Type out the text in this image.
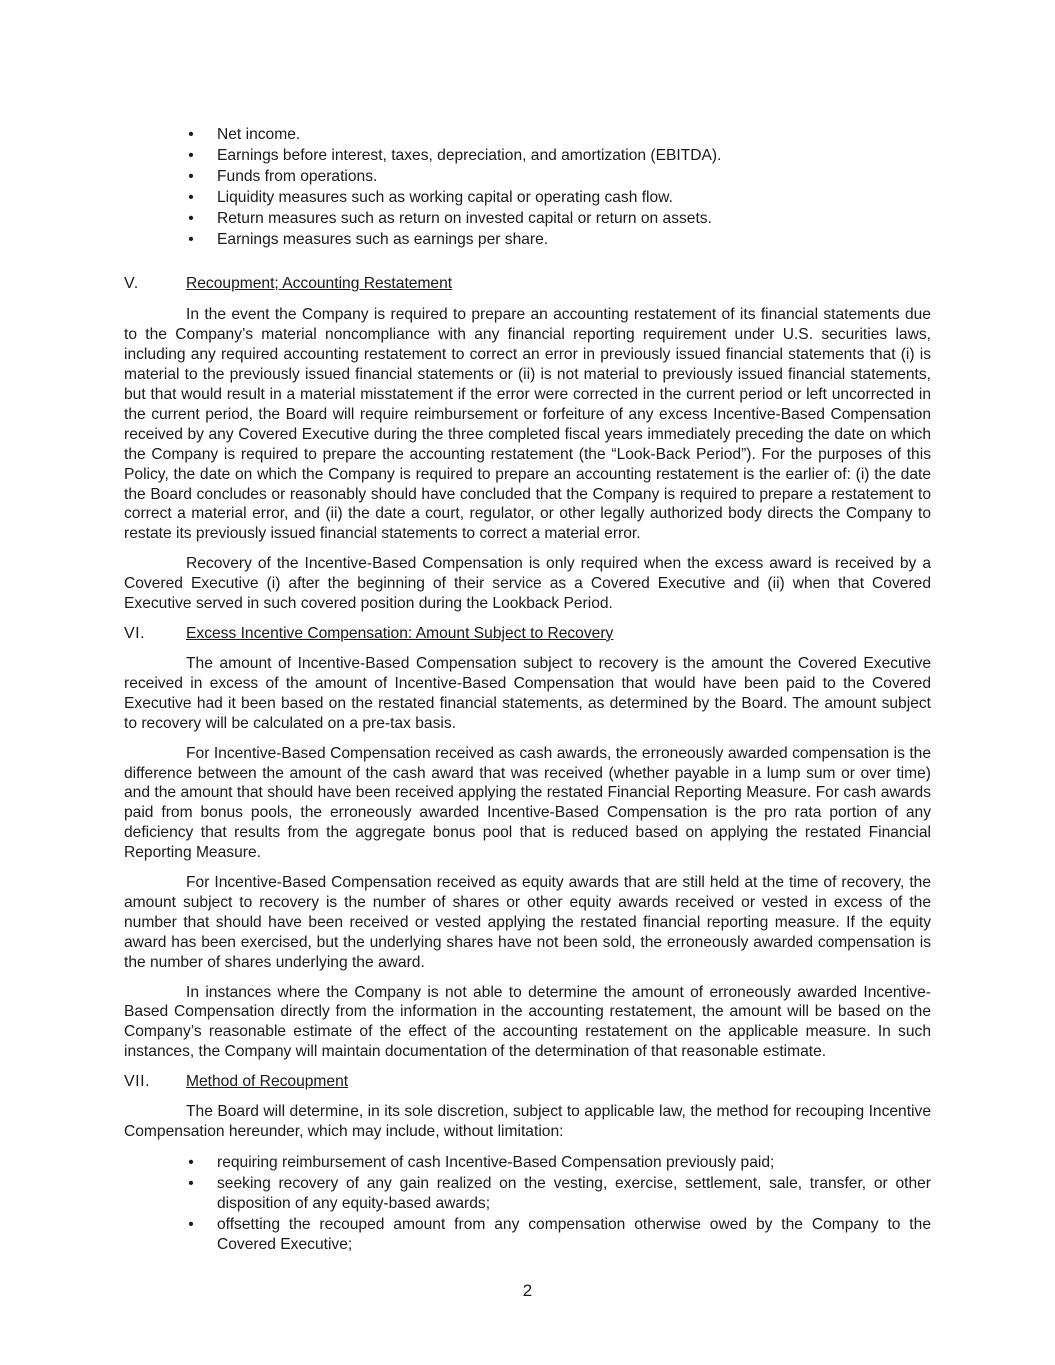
• Net income.
• Earnings before interest, taxes, depreciation, and amortization (EBITDA).
• Funds from operations.
• Liquidity measures such as working capital or operating cash flow.
• Return measures such as return on invested capital or return on assets.
• Earnings measures such as earnings per share.
V.	Recoupment; Accounting Restatement

In the event the Company is required to prepare an accounting restatement of its financial statements due to the Company’s material noncompliance with any financial reporting requirement under U.S. securities laws, including any required accounting restatement to correct an error in previously issued financial statements that (i) is material to the previously issued financial statements or (ii) is not material to previously issued financial statements, but that would result in a material misstatement if the error were corrected in the current period or left uncorrected in the current period, the Board will require reimbursement or forfeiture of any excess Incentive-Based Compensation received by any Covered Executive during the three completed fiscal years immediately preceding the date on which the Company is required to prepare the accounting restatement (the “Look-Back Period”). For the purposes of this Policy, the date on which the Company is required to prepare an accounting restatement is the earlier of: (i) the date the Board concludes or reasonably should have concluded that the Company is required to prepare a restatement to correct a material error, and (ii) the date a court, regulator, or other legally authorized body directs the Company to restate its previously issued financial statements to correct a material error.

Recovery of the Incentive-Based Compensation is only required when the excess award is received by a Covered Executive (i) after the beginning of their service as a Covered Executive and (ii) when that Covered Executive served in such covered position during the Lookback Period.

VI.	Excess Incentive Compensation: Amount Subject to Recovery

The amount of Incentive-Based Compensation subject to recovery is the amount the Covered Executive received in excess of the amount of Incentive-Based Compensation that would have been paid to the Covered Executive had it been based on the restated financial statements, as determined by the Board. The amount subject to recovery will be calculated on a pre-tax basis.

For Incentive-Based Compensation received as cash awards, the erroneously awarded compensation is the difference between the amount of the cash award that was received (whether payable in a lump sum or over time) and the amount that should have been received applying the restated Financial Reporting Measure. For cash awards paid from bonus pools, the erroneously awarded Incentive-Based Compensation is the pro rata portion of any deficiency that results from the aggregate bonus pool that is reduced based on applying the restated Financial Reporting Measure.

For Incentive-Based Compensation received as equity awards that are still held at the time of recovery, the amount subject to recovery is the number of shares or other equity awards received or vested in excess of the number that should have been received or vested applying the restated financial reporting measure. If the equity award has been exercised, but the underlying shares have not been sold, the erroneously awarded compensation is the number of shares underlying the award.

In instances where the Company is not able to determine the amount of erroneously awarded Incentive-Based Compensation directly from the information in the accounting restatement, the amount will be based on the Company’s reasonable estimate of the effect of the accounting restatement on the applicable measure. In such instances, the Company will maintain documentation of the determination of that reasonable estimate.

VII. Method of Recoupment

The Board will determine, in its sole discretion, subject to applicable law, the method for recouping Incentive Compensation hereunder, which may include, without limitation:

• requiring reimbursement of cash Incentive-Based Compensation previously paid;
• seeking recovery of any gain realized on the vesting, exercise, settlement, sale, transfer, or other disposition of any equity-based awards;
• offsetting the recouped amount from any compensation otherwise owed by the Company to the Covered Executive;
2
